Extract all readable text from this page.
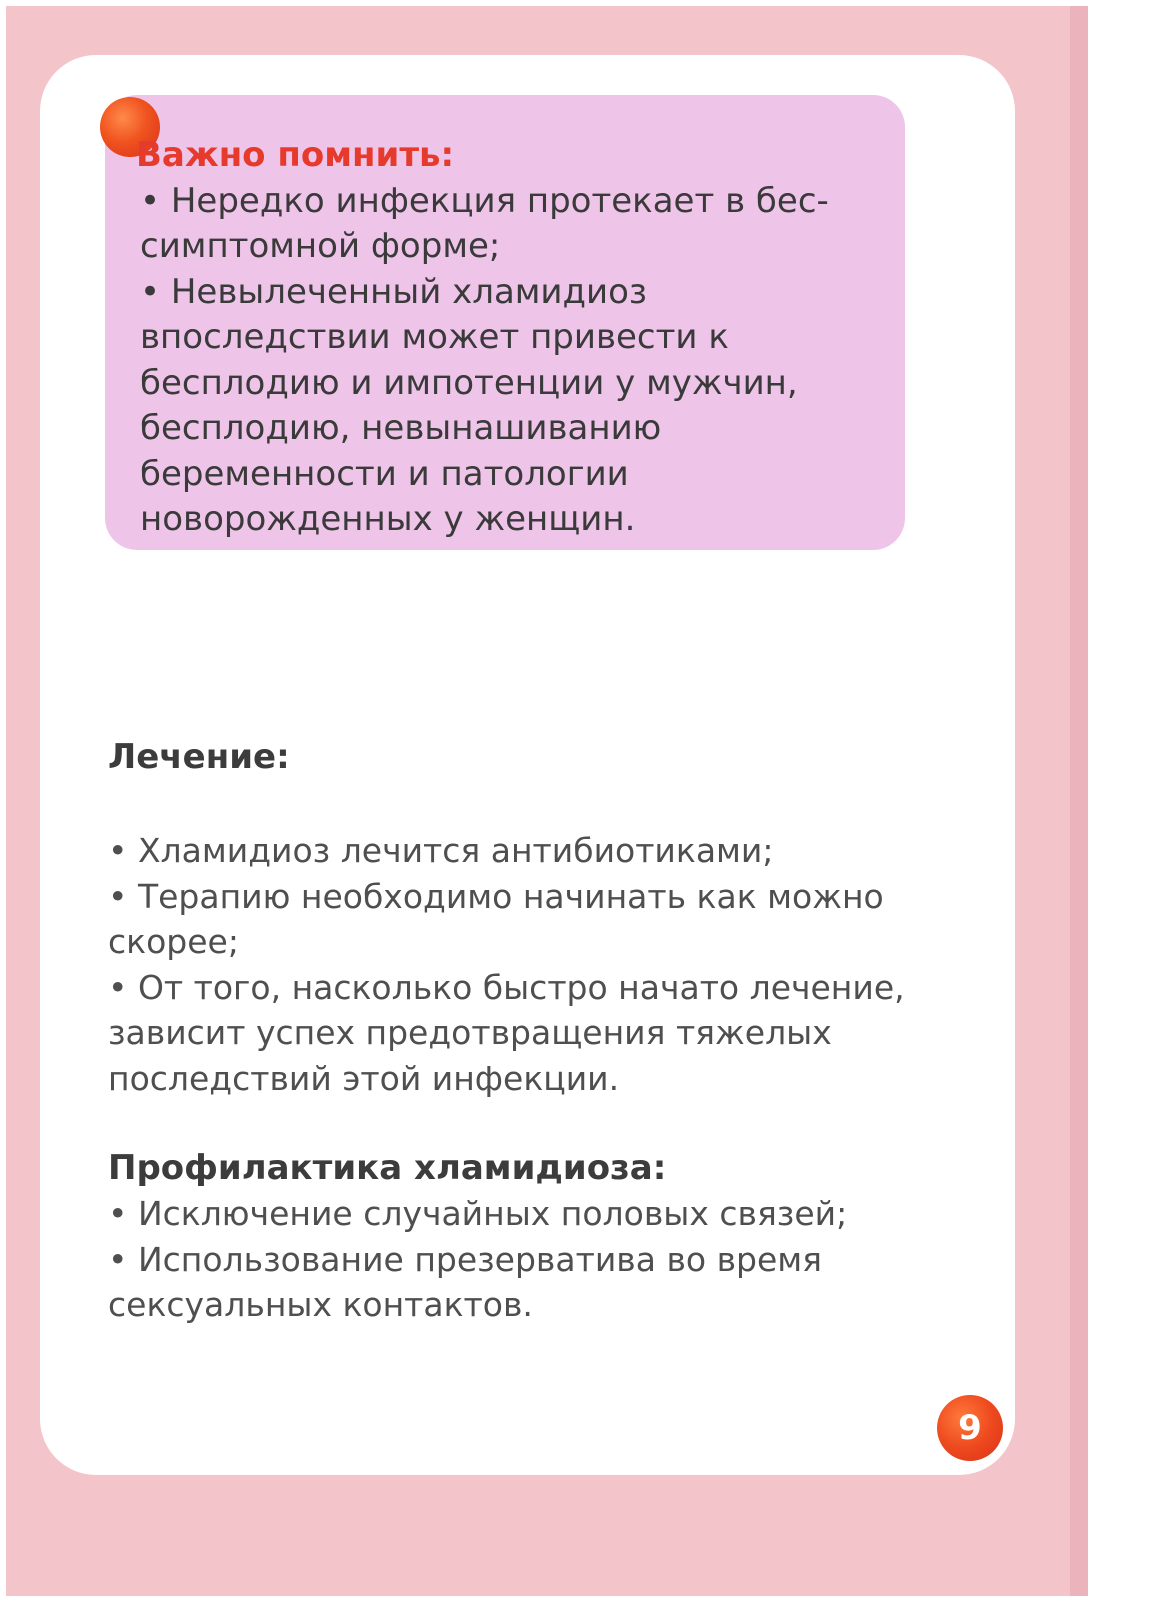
Важно помнить:
• Нередко инфекция протекает в бес-
симптомной форме;
• Невылеченный хламидиоз
впоследствии может привести к
бесплодию и импотенции у мужчин,
бесплодию, невынашиванию
беременности и патологии
новорожденных у женщин.
Лечение:
• Хламидиоз лечится антибиотиками;
• Терапию необходимо начинать как можно
скорее;
• От того, насколько быстро начато лечение,
зависит успех предотвращения тяжелых
последствий этой инфекции.
Профилактика хламидиоза:
• Исключение случайных половых связей;
• Использование презерватива во время
сексуальных контактов.
9
